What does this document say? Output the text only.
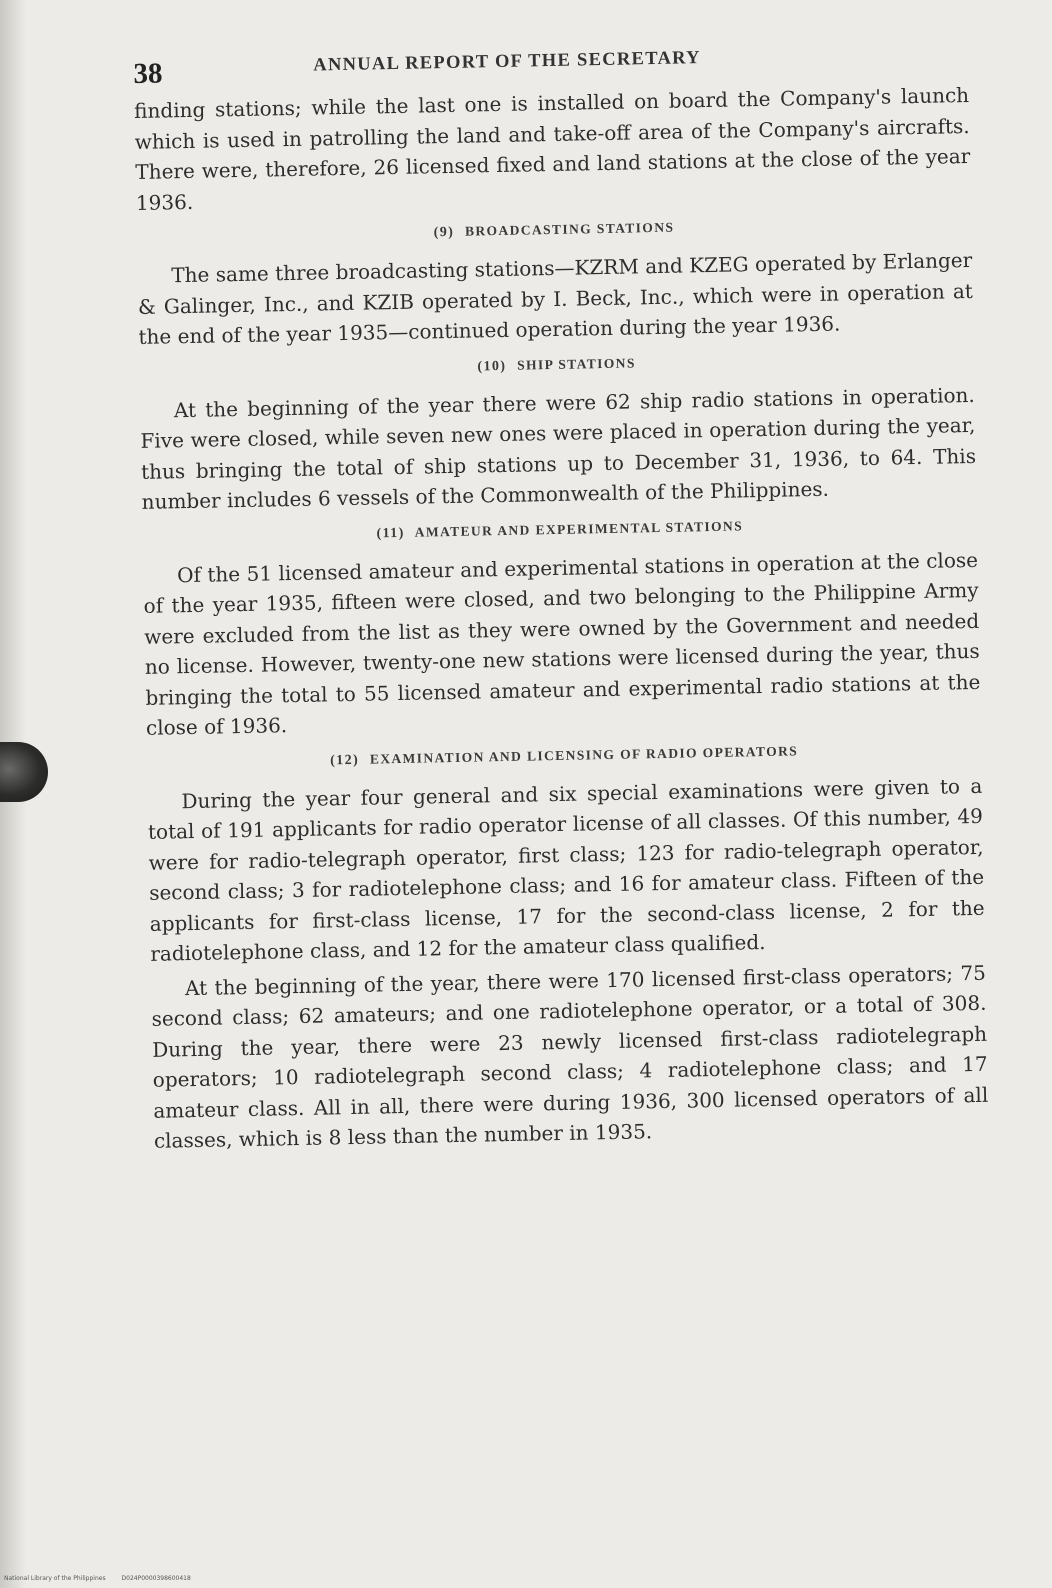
38	ANNUAL REPORT OF THE SECRETARY

finding stations; while the last one is installed on board the Company's launch which is used in patrolling the land and take-off area of the Company's aircrafts. There were, therefore, 26 licensed fixed and land stations at the close of the year 1936.

(9) BROADCASTING STATIONS

The same three broadcasting stations—KZRM and KZEG operated by Erlanger & Galinger, Inc., and KZIB operated by I. Beck, Inc., which were in operation at the end of the year 1935—continued operation during the year 1936.

(10) SHIP STATIONS

At the beginning of the year there were 62 ship radio stations in operation. Five were closed, while seven new ones were placed in operation during the year, thus bringing the total of ship stations up to December 31, 1936, to 64. This number includes 6 vessels of the Commonwealth of the Philippines.

(11) AMATEUR AND EXPERIMENTAL STATIONS

Of the 51 licensed amateur and experimental stations in operation at the close of the year 1935, fifteen were closed, and two belonging to the Philippine Army were excluded from the list as they were owned by the Government and needed no license. However, twenty-one new stations were licensed during the year, thus bringing the total to 55 licensed amateur and experimental radio stations at the close of 1936.

(12) EXAMINATION AND LICENSING OF RADIO OPERATORS

During the year four general and six special examinations were given to a total of 191 applicants for radio operator license of all classes. Of this number, 49 were for radio-telegraph operator, first class; 123 for radio-telegraph operator, second class; 3 for radiotelephone class; and 16 for amateur class. Fifteen of the applicants for first-class license, 17 for the second-class license, 2 for the radiotelephone class, and 12 for the amateur class qualified.

At the beginning of the year, there were 170 licensed first-class operators; 75 second class; 62 amateurs; and one radiotelephone operator, or a total of 308. During the year, there were 23 newly licensed first-class radiotelegraph operators; 10 radiotelegraph second class; 4 radiotelephone class; and 17 amateur class. All in all, there were during 1936, 300 licensed operators of all classes, which is 8 less than the number in 1935.

National Library of the Philippines	D024P0000398600418
